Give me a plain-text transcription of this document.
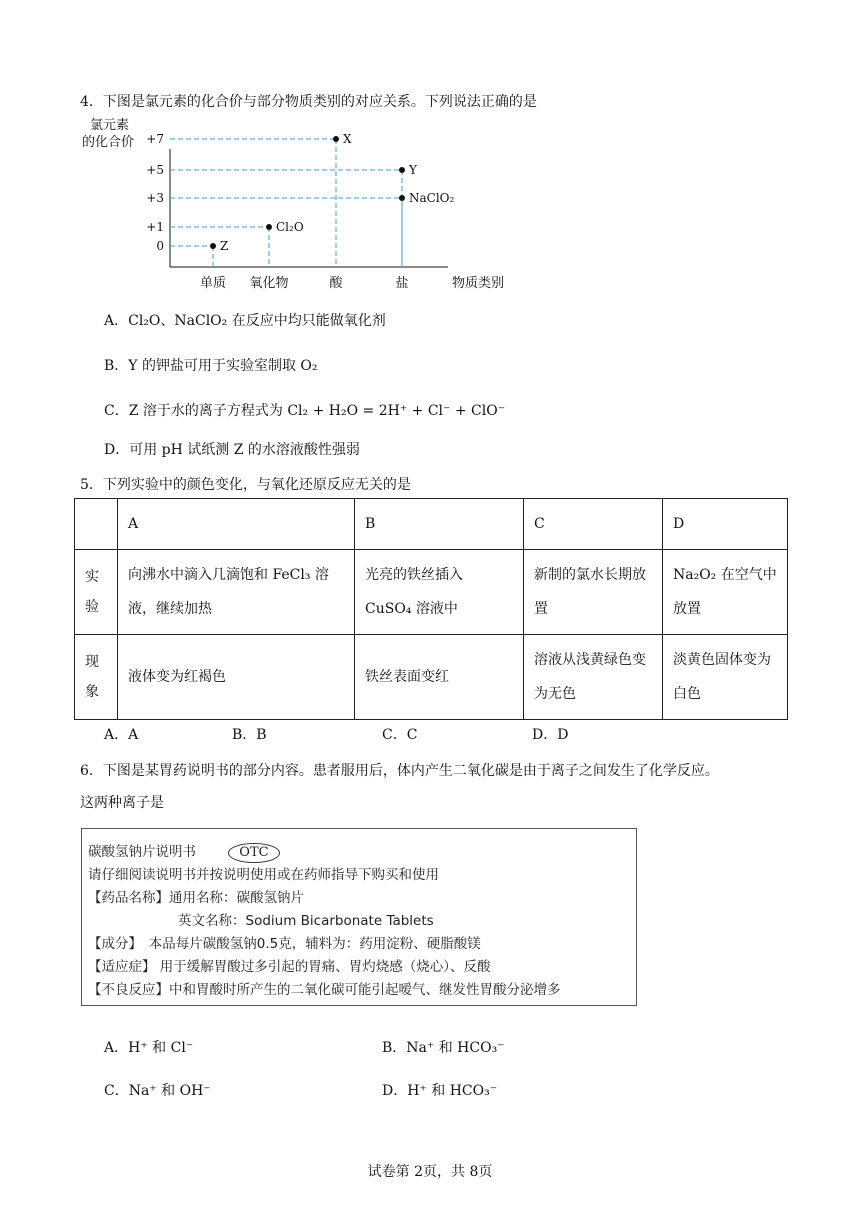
4．下图是氯元素的化合价与部分物质类别的对应关系。下列说法正确的是
氯元素
的化合价 +7
+5
+3
+1
0
单质 氧化物	酸	盐
X
Y
NaClO₂
Cl₂O
Z
物质类别
A．Cl₂O、NaClO₂ 在反应中均只能做氧化剂
B．Y 的钾盐可用于实验室制取 O₂
C．Z 溶于水的离子方程式为 Cl₂ + H₂O = 2H⁺ + Cl⁻ + ClO⁻
D．可用 pH 试纸测 Z 的水溶液酸性强弱
5．下列实验中的颜色变化，与氧化还原反应无关的是
	A	B	C	D
实验	向沸水中滴入几滴饱和 FeCl₃ 溶液，继续加热	光亮的铁丝插入 CuSO₄ 溶液中	新制的氯水长期放置	Na₂O₂ 在空气中放置
现象	液体变为红褐色	铁丝表面变红	溶液从浅黄绿色变为无色	淡黄色固体变为白色
A．A	B．B	C．C	D．D
6．下图是某胃药说明书的部分内容。患者服用后，体内产生二氧化碳是由于离子之间发生了化学反应。
这两种离子是
碳酸氢钠片说明书	OTC
请仔细阅读说明书并按说明使用或在药师指导下购买和使用
【药品名称】通用名称：碳酸氢钠片
英文名称：Sodium Bicarbonate Tablets
【成分】　本品每片碳酸氢钠0.5克，辅料为：药用淀粉、硬脂酸镁
【适应症】 用于缓解胃酸过多引起的胃痛、胃灼烧感（烧心）、反酸
【不良反应】中和胃酸时所产生的二氧化碳可能引起嗳气、继发性胃酸分泌增多
A．H⁺ 和 Cl⁻	B．Na⁺ 和 HCO₃⁻
C．Na⁺ 和 OH⁻	D．H⁺ 和 HCO₃⁻
试卷第 2页，共 8页
